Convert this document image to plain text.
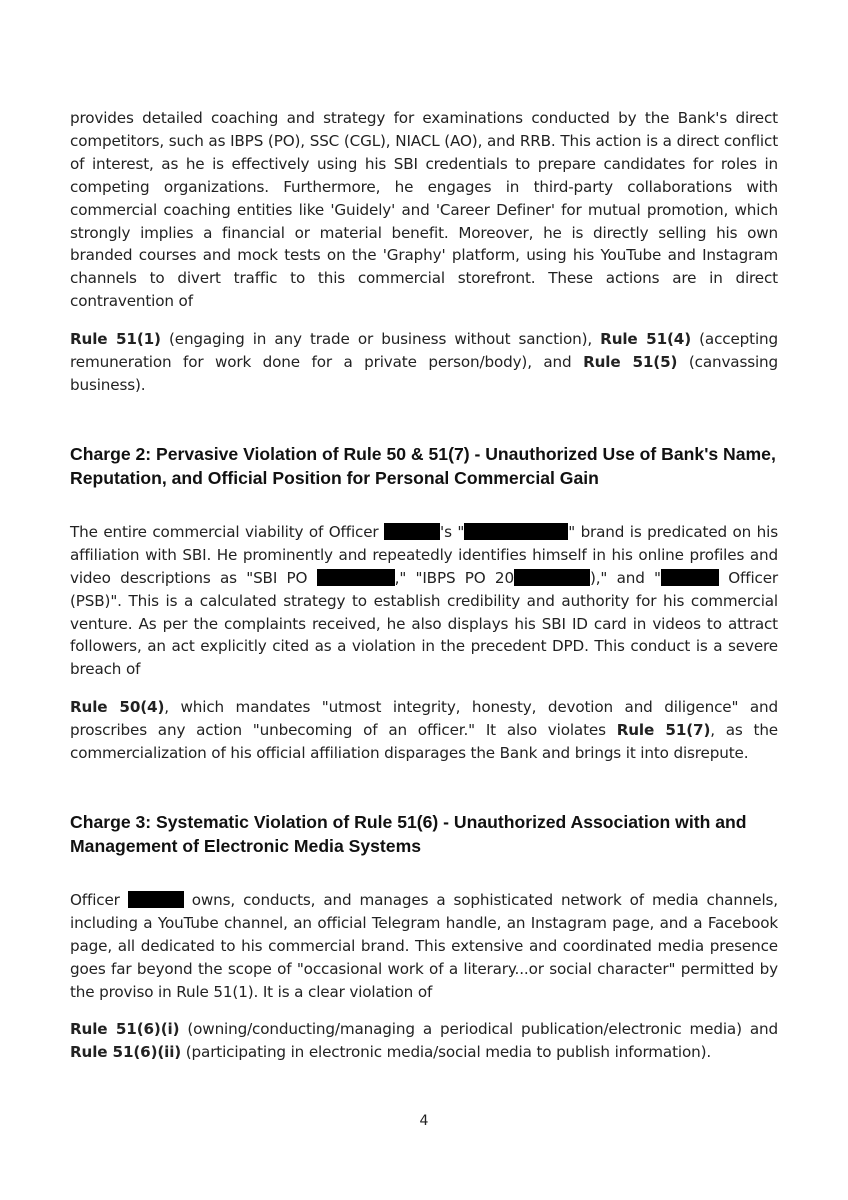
provides detailed coaching and strategy for examinations conducted by the Bank's direct competitors, such as IBPS (PO), SSC (CGL), NIACL (AO), and RRB. This action is a direct conflict of interest, as he is effectively using his SBI credentials to prepare candidates for roles in competing organizations. Furthermore, he engages in third-party collaborations with commercial coaching entities like 'Guidely' and 'Career Definer' for mutual promotion, which strongly implies a financial or material benefit. Moreover, he is directly selling his own branded courses and mock tests on the 'Graphy' platform, using his YouTube and Instagram channels to divert traffic to this commercial storefront. These actions are in direct contravention of

Rule 51(1) (engaging in any trade or business without sanction), Rule 51(4) (accepting remuneration for work done for a private person/body), and Rule 51(5) (canvassing business).

Charge 2: Pervasive Violation of Rule 50 & 51(7) - Unauthorized Use of Bank's Name, Reputation, and Official Position for Personal Commercial Gain

The entire commercial viability of Officer	's "	" brand is predicated on his affiliation with SBI. He prominently and repeatedly identifies himself in his online profiles and video descriptions as "SBI PO	," "IBPS PO 20	)," and "	Officer (PSB)". This is a calculated strategy to establish credibility and authority for his commercial venture. As per the complaints received, he also displays his SBI ID card in videos to attract followers, an act explicitly cited as a violation in the precedent DPD. This conduct is a severe breach of

Rule 50(4), which mandates "utmost integrity, honesty, devotion and diligence" and proscribes any action "unbecoming of an officer." It also violates Rule 51(7), as the commercialization of his official affiliation disparages the Bank and brings it into disrepute.

Charge 3: Systematic Violation of Rule 51(6) - Unauthorized Association with and Management of Electronic Media Systems

Officer	owns, conducts, and manages a sophisticated network of media channels, including a YouTube channel, an official Telegram handle, an Instagram page, and a Facebook page, all dedicated to his commercial brand. This extensive and coordinated media presence goes far beyond the scope of "occasional work of a literary...or social character" permitted by the proviso in Rule 51(1). It is a clear violation of

Rule 51(6)(i) (owning/conducting/managing a periodical publication/electronic media) and Rule 51(6)(ii) (participating in electronic media/social media to publish information).

4
